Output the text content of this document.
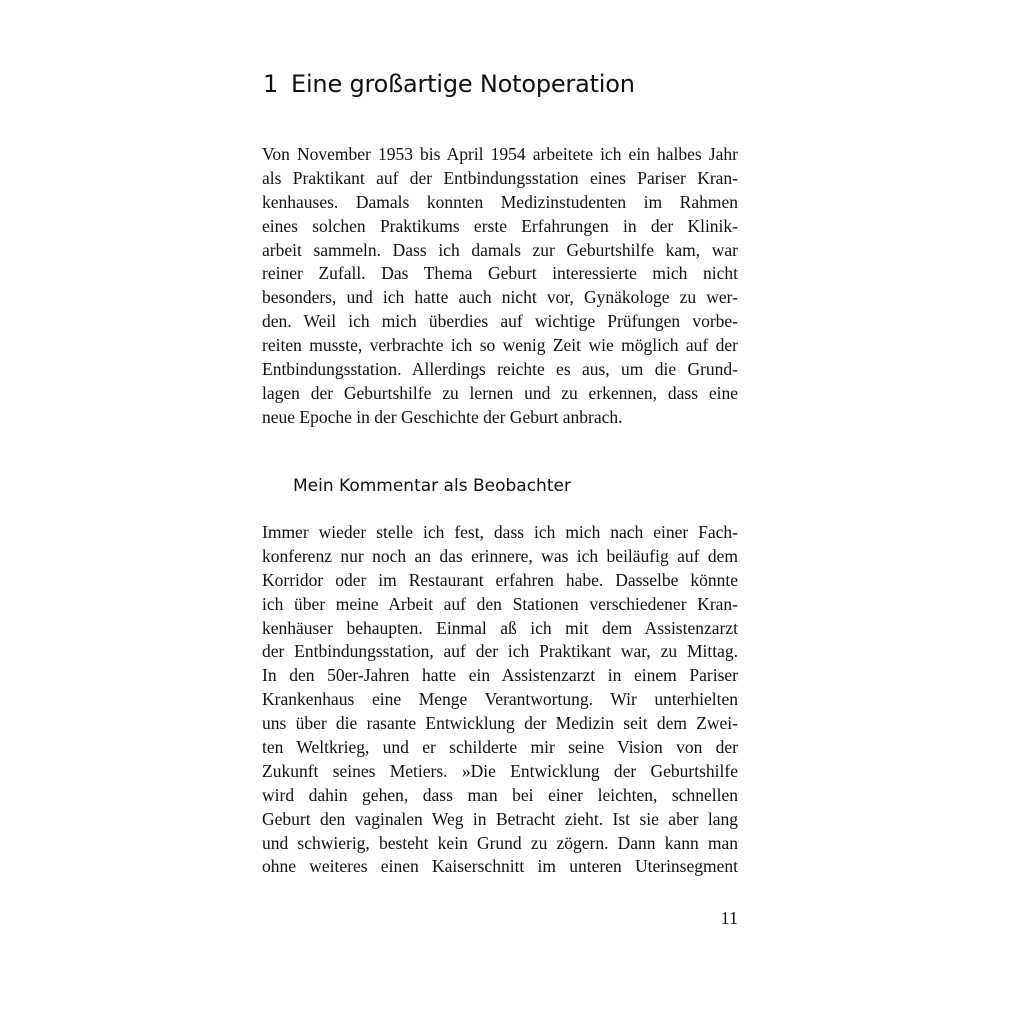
1 Eine großartige Notoperation
Von November 1953 bis April 1954 arbeitete ich ein halbes Jahr
als Praktikant auf der Entbindungsstation eines Pariser Kran-
kenhauses. Damals konnten Medizinstudenten im Rahmen
eines solchen Praktikums erste Erfahrungen in der Klinik-
arbeit sammeln. Dass ich damals zur Geburtshilfe kam, war
reiner Zufall. Das Thema Geburt interessierte mich nicht
besonders, und ich hatte auch nicht vor, Gynäkologe zu wer-
den. Weil ich mich überdies auf wichtige Prüfungen vorbe-
reiten musste, verbrachte ich so wenig Zeit wie möglich auf der
Entbindungsstation. Allerdings reichte es aus, um die Grund-
lagen der Geburtshilfe zu lernen und zu erkennen, dass eine
neue Epoche in der Geschichte der Geburt anbrach.
Mein Kommentar als Beobachter
Immer wieder stelle ich fest, dass ich mich nach einer Fach-
konferenz nur noch an das erinnere, was ich beiläufig auf dem
Korridor oder im Restaurant erfahren habe. Dasselbe könnte
ich über meine Arbeit auf den Stationen verschiedener Kran-
kenhäuser behaupten. Einmal aß ich mit dem Assistenzarzt
der Entbindungsstation, auf der ich Praktikant war, zu Mittag.
In den 50er-Jahren hatte ein Assistenzarzt in einem Pariser
Krankenhaus eine Menge Verantwortung. Wir unterhielten
uns über die rasante Entwicklung der Medizin seit dem Zwei-
ten Weltkrieg, und er schilderte mir seine Vision von der
Zukunft seines Metiers. »Die Entwicklung der Geburtshilfe
wird dahin gehen, dass man bei einer leichten, schnellen
Geburt den vaginalen Weg in Betracht zieht. Ist sie aber lang
und schwierig, besteht kein Grund zu zögern. Dann kann man
ohne weiteres einen Kaiserschnitt im unteren Uterinsegment
11
